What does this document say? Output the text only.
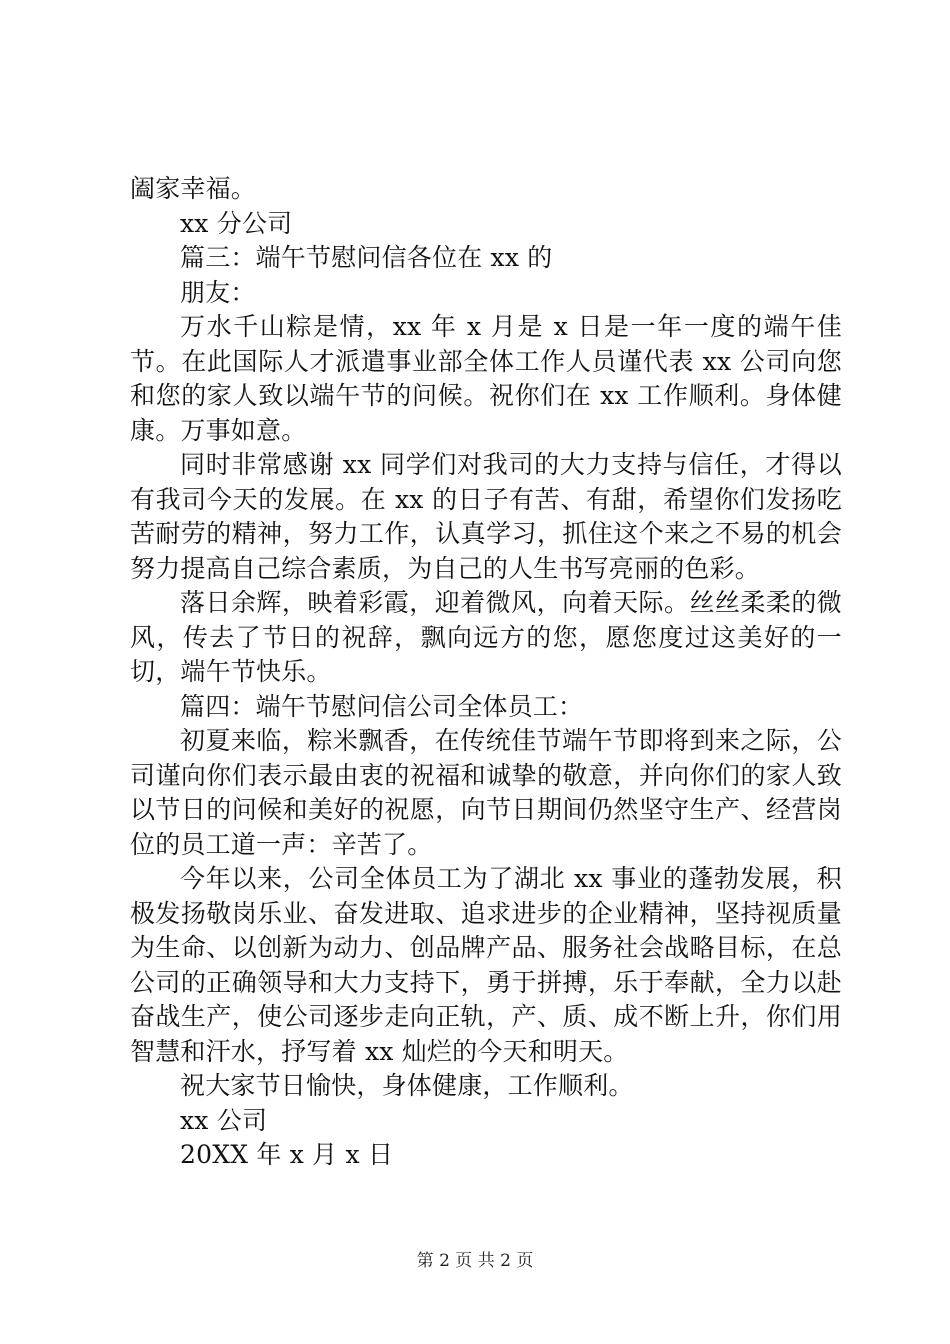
阖家幸福。

xx 分公司

篇三：端午节慰问信各位在 xx 的

朋友：

万水千山粽是情，xx 年 x 月是 x 日是一年一度的端午佳节。在此国际人才派遣事业部全体工作人员谨代表 xx 公司向您和您的家人致以端午节的问候。祝你们在 xx 工作顺利。身体健康。万事如意。

同时非常感谢 xx 同学们对我司的大力支持与信任，才得以有我司今天的发展。在 xx 的日子有苦、有甜，希望你们发扬吃苦耐劳的精神，努力工作，认真学习，抓住这个来之不易的机会努力提高自己综合素质，为自己的人生书写亮丽的色彩。

落日余辉，映着彩霞，迎着微风，向着天际。丝丝柔柔的微风，传去了节日的祝辞，飘向远方的您，愿您度过这美好的一切，端午节快乐。

篇四：端午节慰问信公司全体员工：

初夏来临，粽米飘香，在传统佳节端午节即将到来之际，公司谨向你们表示最由衷的祝福和诚挚的敬意，并向你们的家人致以节日的问候和美好的祝愿，向节日期间仍然坚守生产、经营岗位的员工道一声：辛苦了。

今年以来，公司全体员工为了湖北 xx 事业的蓬勃发展，积极发扬敬岗乐业、奋发进取、追求进步的企业精神，坚持视质量为生命、以创新为动力、创品牌产品、服务社会战略目标，在总公司的正确领导和大力支持下，勇于拼搏，乐于奉献，全力以赴奋战生产，使公司逐步走向正轨，产、质、成不断上升，你们用智慧和汗水，抒写着 xx 灿烂的今天和明天。

祝大家节日愉快，身体健康，工作顺利。

xx 公司

20XX 年 x 月 x 日

第 2 页 共 2 页
